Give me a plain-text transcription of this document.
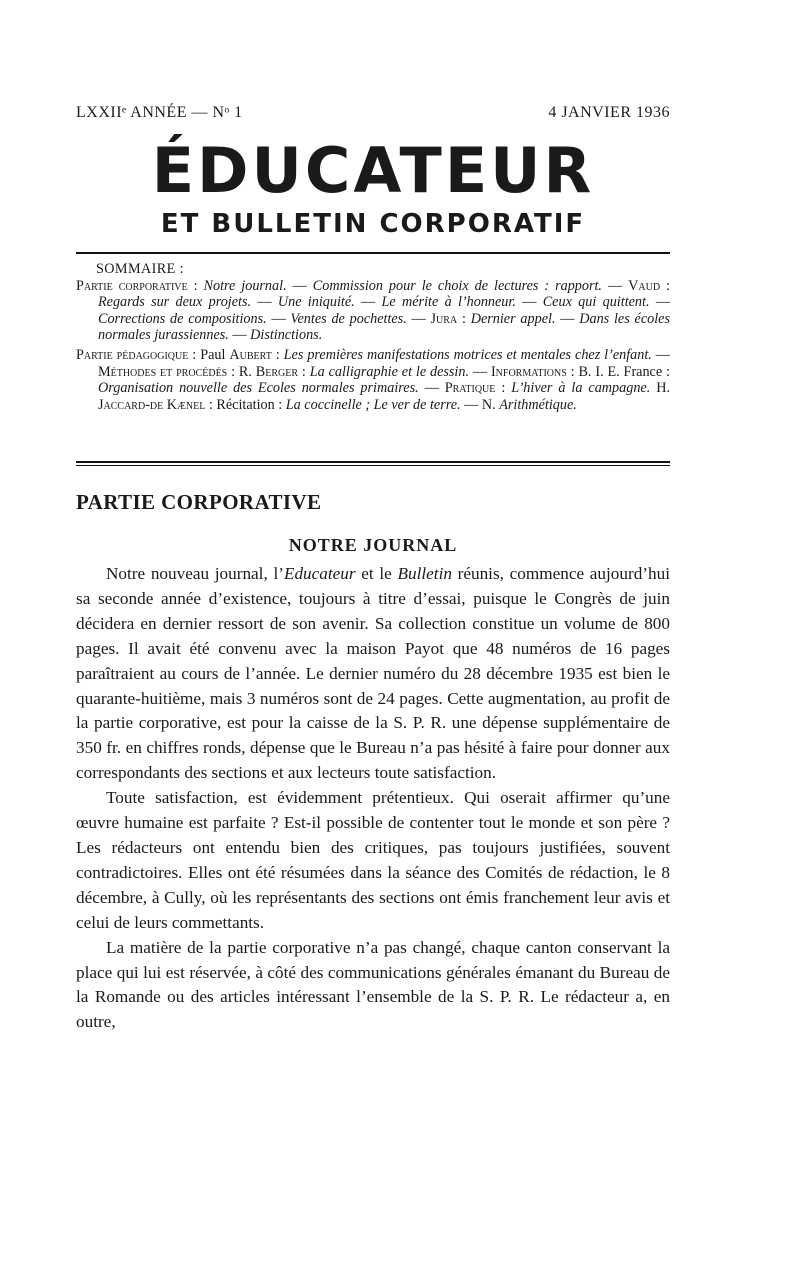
LXXIIᵉ ANNÉE — Nᵒ 1	4 JANVIER 1936
ÉDUCATEUR
ET BULLETIN CORPORATIF
SOMMAIRE :

Partie corporative : Notre journal. — Commission pour le choix de lectures : rapport. — Vaud : Regards sur deux projets. — Une iniquité. — Le mérite à l’honneur. — Ceux qui quittent. — Corrections de compositions. — Ventes de pochettes. — Jura : Dernier appel. — Dans les écoles normales jurassiennes. — Distinctions.

Partie pédagogique : Paul Aubert : Les premières manifestations motrices et mentales chez l’enfant. — Méthodes et procédés : R. Berger : La calligraphie et le dessin. — Informations : B. I. E. France : Organisation nouvelle des Ecoles normales primaires. — Pratique : L’hiver à la campagne. H. Jaccard-de Kænel : Récitation : La coccinelle ; Le ver de terre. — N. Arithmétique.

PARTIE CORPORATIVE
NOTRE JOURNAL

Notre nouveau journal, l’Educateur et le Bulletin réunis, commence aujourd’hui sa seconde année d’existence, toujours à titre d’essai, puisque le Congrès de juin décidera en dernier ressort de son avenir. Sa collection constitue un volume de 800 pages. Il avait été convenu avec la maison Payot que 48 numéros de 16 pages paraîtraient au cours de l’année. Le dernier numéro du 28 décembre 1935 est bien le quarante-huitième, mais 3 numéros sont de 24 pages. Cette augmentation, au profit de la partie corporative, est pour la caisse de la S. P. R. une dépense supplémentaire de 350 fr. en chiffres ronds, dépense que le Bureau n’a pas hésité à faire pour donner aux correspondants des sections et aux lecteurs toute satisfaction.

Toute satisfaction, est évidemment prétentieux. Qui oserait affirmer qu’une œuvre humaine est parfaite ? Est-il possible de contenter tout le monde et son père ? Les rédacteurs ont entendu bien des critiques, pas toujours justifiées, souvent contradictoires. Elles ont été résumées dans la séance des Comités de rédaction, le 8 décembre, à Cully, où les représentants des sections ont émis franchement leur avis et celui de leurs commettants.

La matière de la partie corporative n’a pas changé, chaque canton conservant la place qui lui est réservée, à côté des communications générales émanant du Bureau de la Romande ou des articles intéressant l’ensemble de la S. P. R. Le rédacteur a, en outre,
